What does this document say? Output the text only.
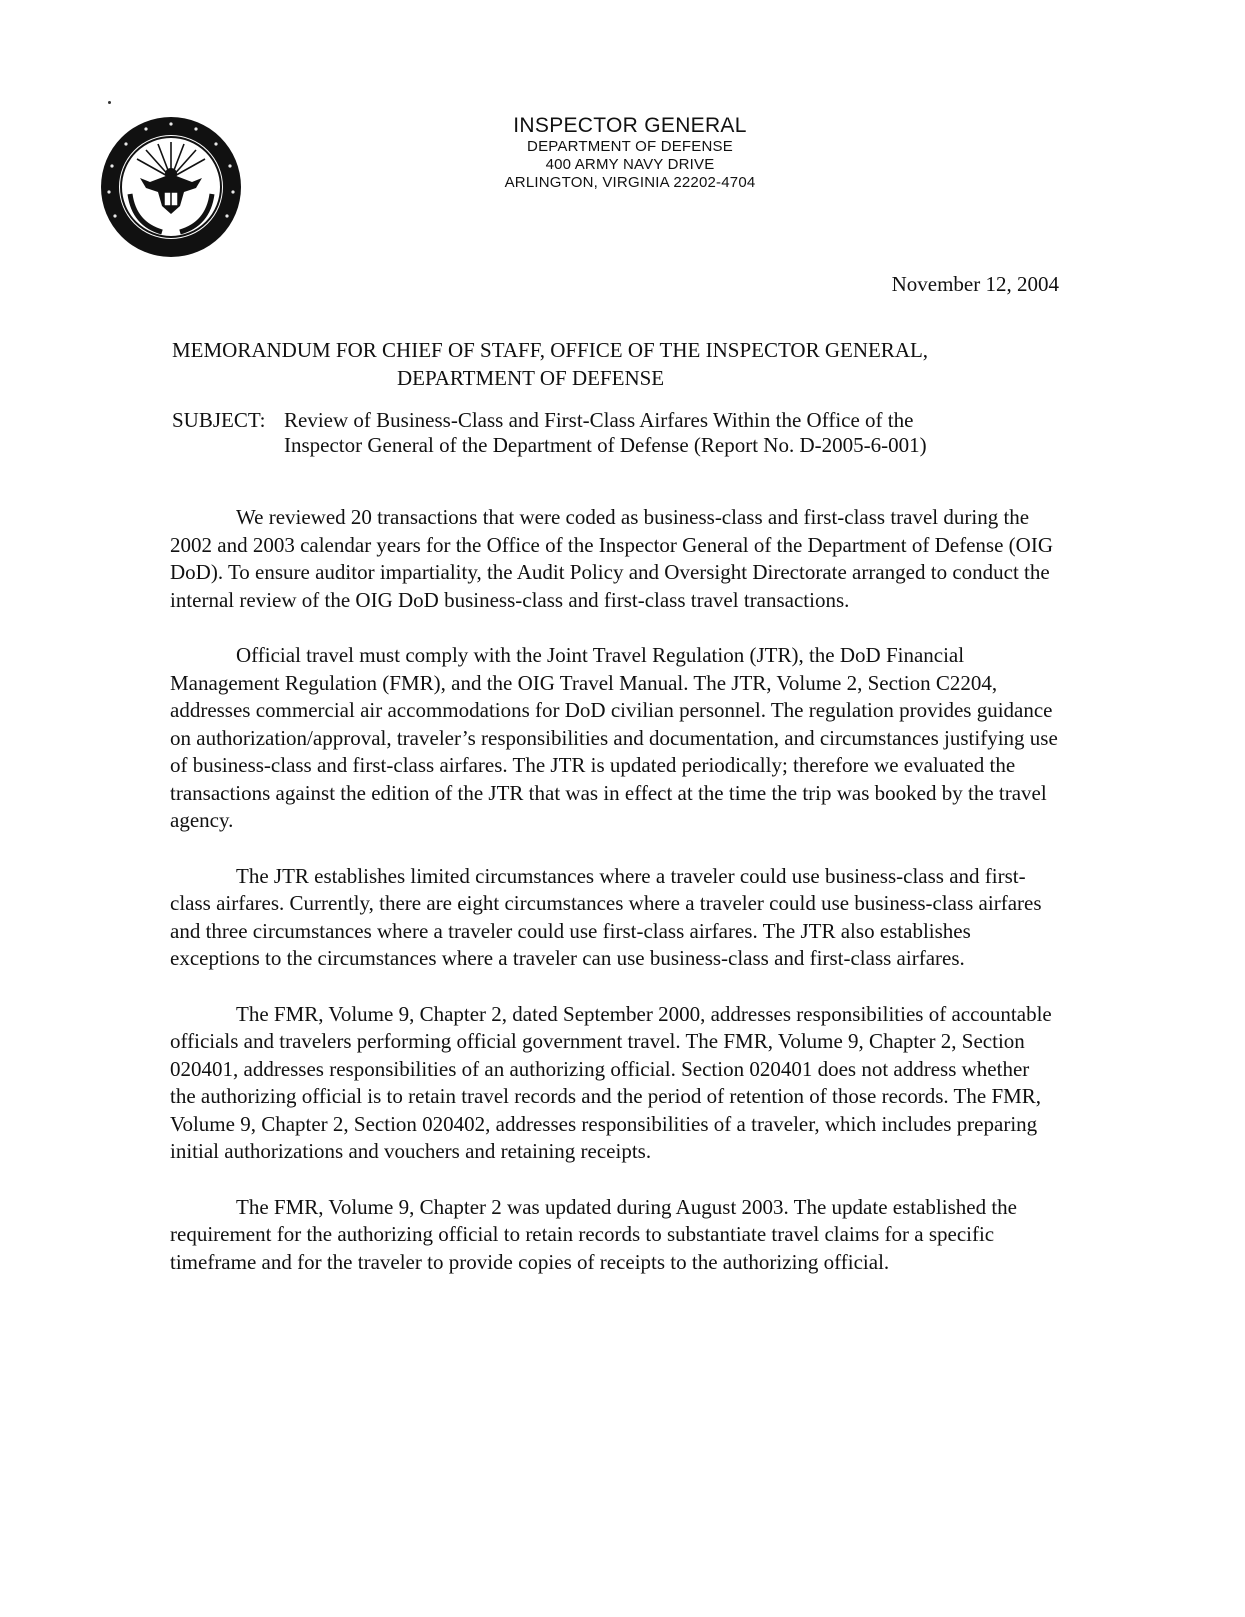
INSPECTOR GENERAL
DEPARTMENT OF DEFENSE
400 ARMY NAVY DRIVE
ARLINGTON, VIRGINIA 22202-4704
November 12, 2004
MEMORANDUM FOR CHIEF OF STAFF, OFFICE OF THE INSPECTOR GENERAL,
DEPARTMENT OF DEFENSE
SUBJECT: Review of Business-Class and First-Class Airfares Within the Office of the
Inspector General of the Department of Defense (Report No. D-2005-6-001)

We reviewed 20 transactions that were coded as business-class and first-class travel during the 2002 and 2003 calendar years for the Office of the Inspector General of the Department of Defense (OIG DoD). To ensure auditor impartiality, the Audit Policy and Oversight Directorate arranged to conduct the internal review of the OIG DoD business-class and first-class travel transactions.

Official travel must comply with the Joint Travel Regulation (JTR), the DoD Financial Management Regulation (FMR), and the OIG Travel Manual. The JTR, Volume 2, Section C2204, addresses commercial air accommodations for DoD civilian personnel. The regulation provides guidance on authorization/approval, traveler’s responsibilities and documentation, and circumstances justifying use of business-class and first-class airfares. The JTR is updated periodically; therefore we evaluated the transactions against the edition of the JTR that was in effect at the time the trip was booked by the travel agency.

The JTR establishes limited circumstances where a traveler could use business-class and first-class airfares. Currently, there are eight circumstances where a traveler could use business-class airfares and three circumstances where a traveler could use first-class airfares. The JTR also establishes exceptions to the circumstances where a traveler can use business-class and first-class airfares.

The FMR, Volume 9, Chapter 2, dated September 2000, addresses responsibilities of accountable officials and travelers performing official government travel. The FMR, Volume 9, Chapter 2, Section 020401, addresses responsibilities of an authorizing official. Section 020401 does not address whether the authorizing official is to retain travel records and the period of retention of those records. The FMR, Volume 9, Chapter 2, Section 020402, addresses responsibilities of a traveler, which includes preparing initial authorizations and vouchers and retaining receipts.

The FMR, Volume 9, Chapter 2 was updated during August 2003. The update established the requirement for the authorizing official to retain records to substantiate travel claims for a specific timeframe and for the traveler to provide copies of receipts to the authorizing official.
